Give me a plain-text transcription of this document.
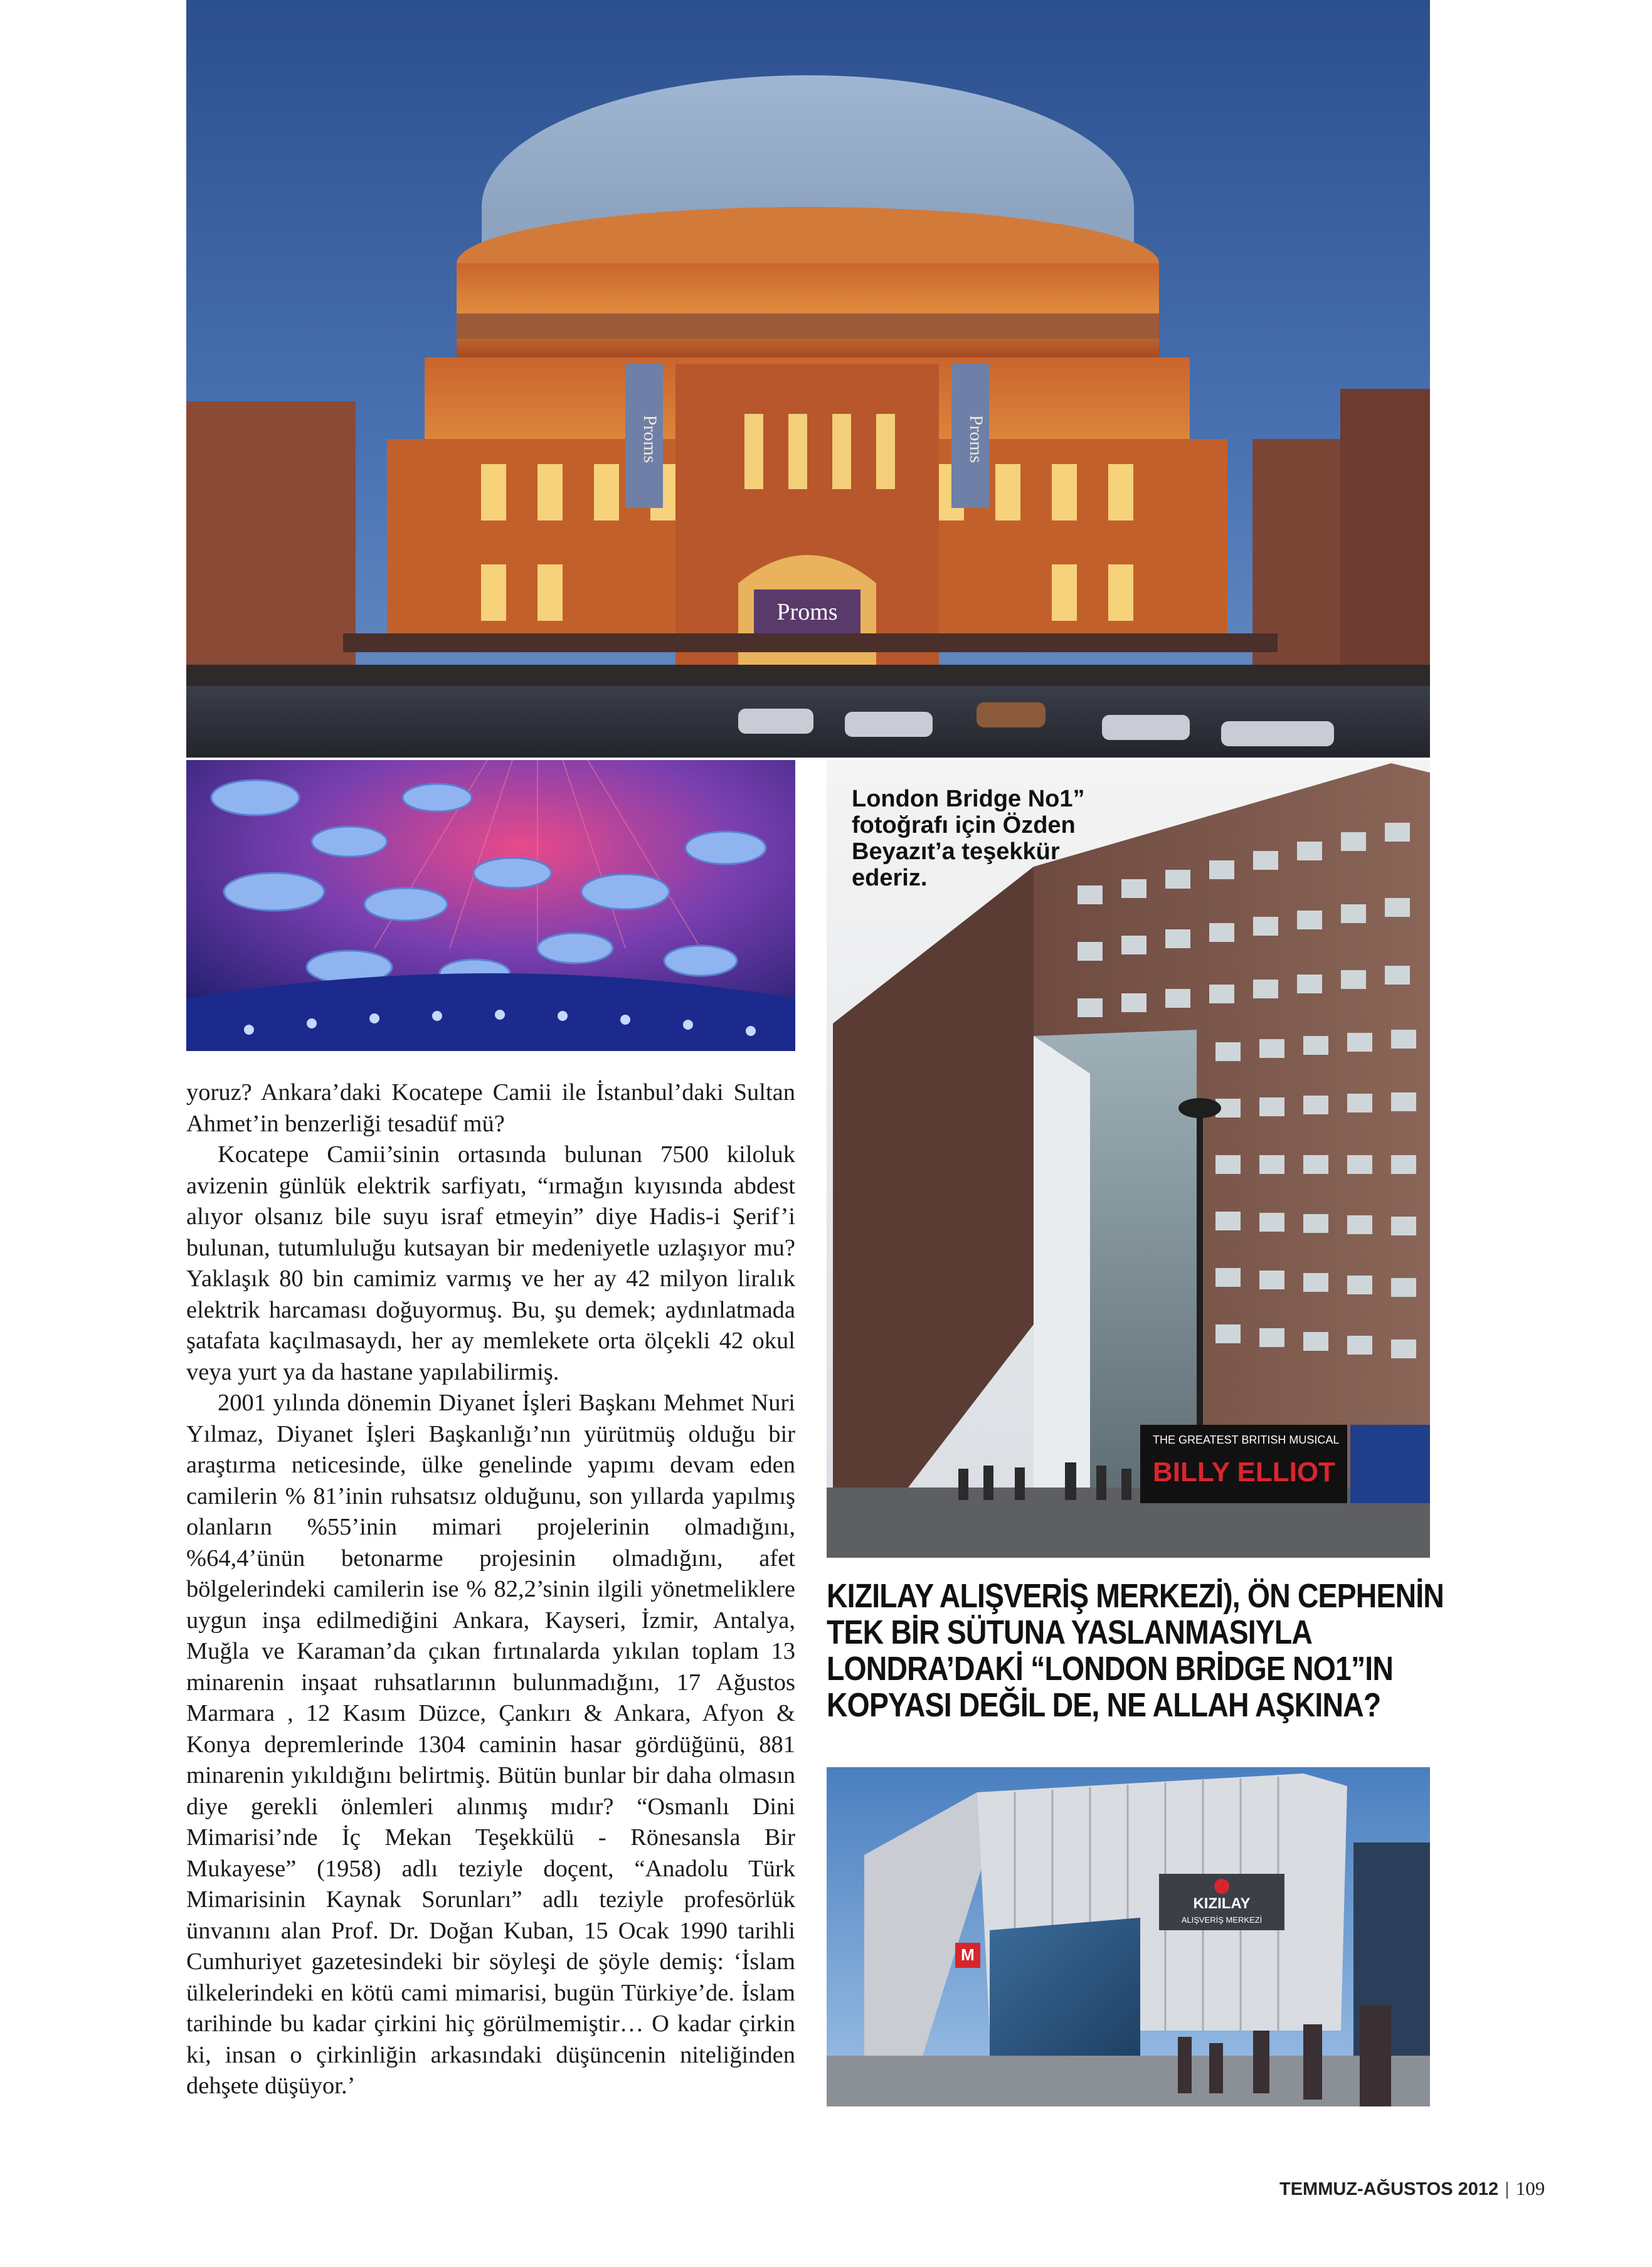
Proms
Proms	Proms
THE GREATEST BRITISH MUSICAL
BILLY ELLIOT
London Bridge No1”
fotoğrafı için Özden
Beyazıt’a teşekkür
ederiz.

yoruz? Ankara’daki Kocatepe Camii ile İstanbul’daki Sultan Ahmet’in benzerliği tesadüf mü?

Kocatepe Camii’sinin ortasında bulunan 7500 kiloluk avizenin günlük elektrik sarfiyatı, “ırmağın kıyısında abdest alıyor olsanız bile suyu israf etmeyin” diye Hadis-i Şerif’i bulunan, tutumluluğu kutsayan bir medeniyetle uzlaşıyor mu? Yaklaşık 80 bin camimiz varmış ve her ay 42 milyon liralık elektrik harcaması doğuyormuş. Bu, şu demek; aydınlatmada şatafata kaçılmasaydı, her ay memlekete orta ölçekli 42 okul veya yurt ya da hastane yapılabilirmiş.

2001 yılında dönemin Diyanet İşleri Başkanı Mehmet Nuri Yılmaz, Diyanet İşleri Başkanlığı’nın yürütmüş olduğu bir araştırma neticesinde, ülke genelinde yapımı devam eden camilerin % 81’inin ruhsatsız olduğunu, son yıllarda yapılmış olanların %55’inin mimari projelerinin olmadığını, %64,4’ünün betonarme projesinin olmadığını, afet bölgelerindeki camilerin ise % 82,2’sinin ilgili yönetmeliklere uygun inşa edilmediğini Ankara, Kayseri, İzmir, Antalya, Muğla ve Karaman’da çıkan fırtınalarda yıkılan toplam 13 minarenin inşaat ruhsatlarının bulunmadığını, 17 Ağustos Marmara , 12 Kasım Düzce, Çankırı & Ankara, Afyon & Konya depremlerinde 1304 caminin hasar gördüğünü, 881 minarenin yıkıldığını belirtmiş. Bütün bunlar bir daha olmasın diye gerekli önlemleri alınmış mıdır? “Osmanlı Dini Mimarisi’nde İç Mekan Teşekkülü - Rönesansla Bir Mukayese” (1958) adlı teziyle doçent, “Anadolu Türk Mimarisinin Kaynak Sorunları” adlı teziyle profesörlük ünvanını alan Prof. Dr. Doğan Kuban, 15 Ocak 1990 tarihli Cumhuriyet gazetesindeki bir söyleşi de şöyle demiş: ‘İslam ülkelerindeki en kötü cami mimarisi, bugün Türkiye’de. İslam tarihinde bu kadar çirkini hiç görülmemiştir… O kadar çirkin ki, insan o çirkinliğin arkasındaki düşüncenin niteliğinden dehşete düşüyor.’

KIZILAY ALIŞVERİŞ MERKEZİ), ÖN CEPHENİN
TEK BİR SÜTUNA YASLANMASIYLA
LONDRA’DAKİ “LONDON BRİDGE NO1”IN
KOPYASI DEĞİL DE, NE ALLAH AŞKINA?
KIZILAY
ALIŞVERİŞ MERKEZİ
M
TEMMUZ-AĞUSTOS 2012 | 109
